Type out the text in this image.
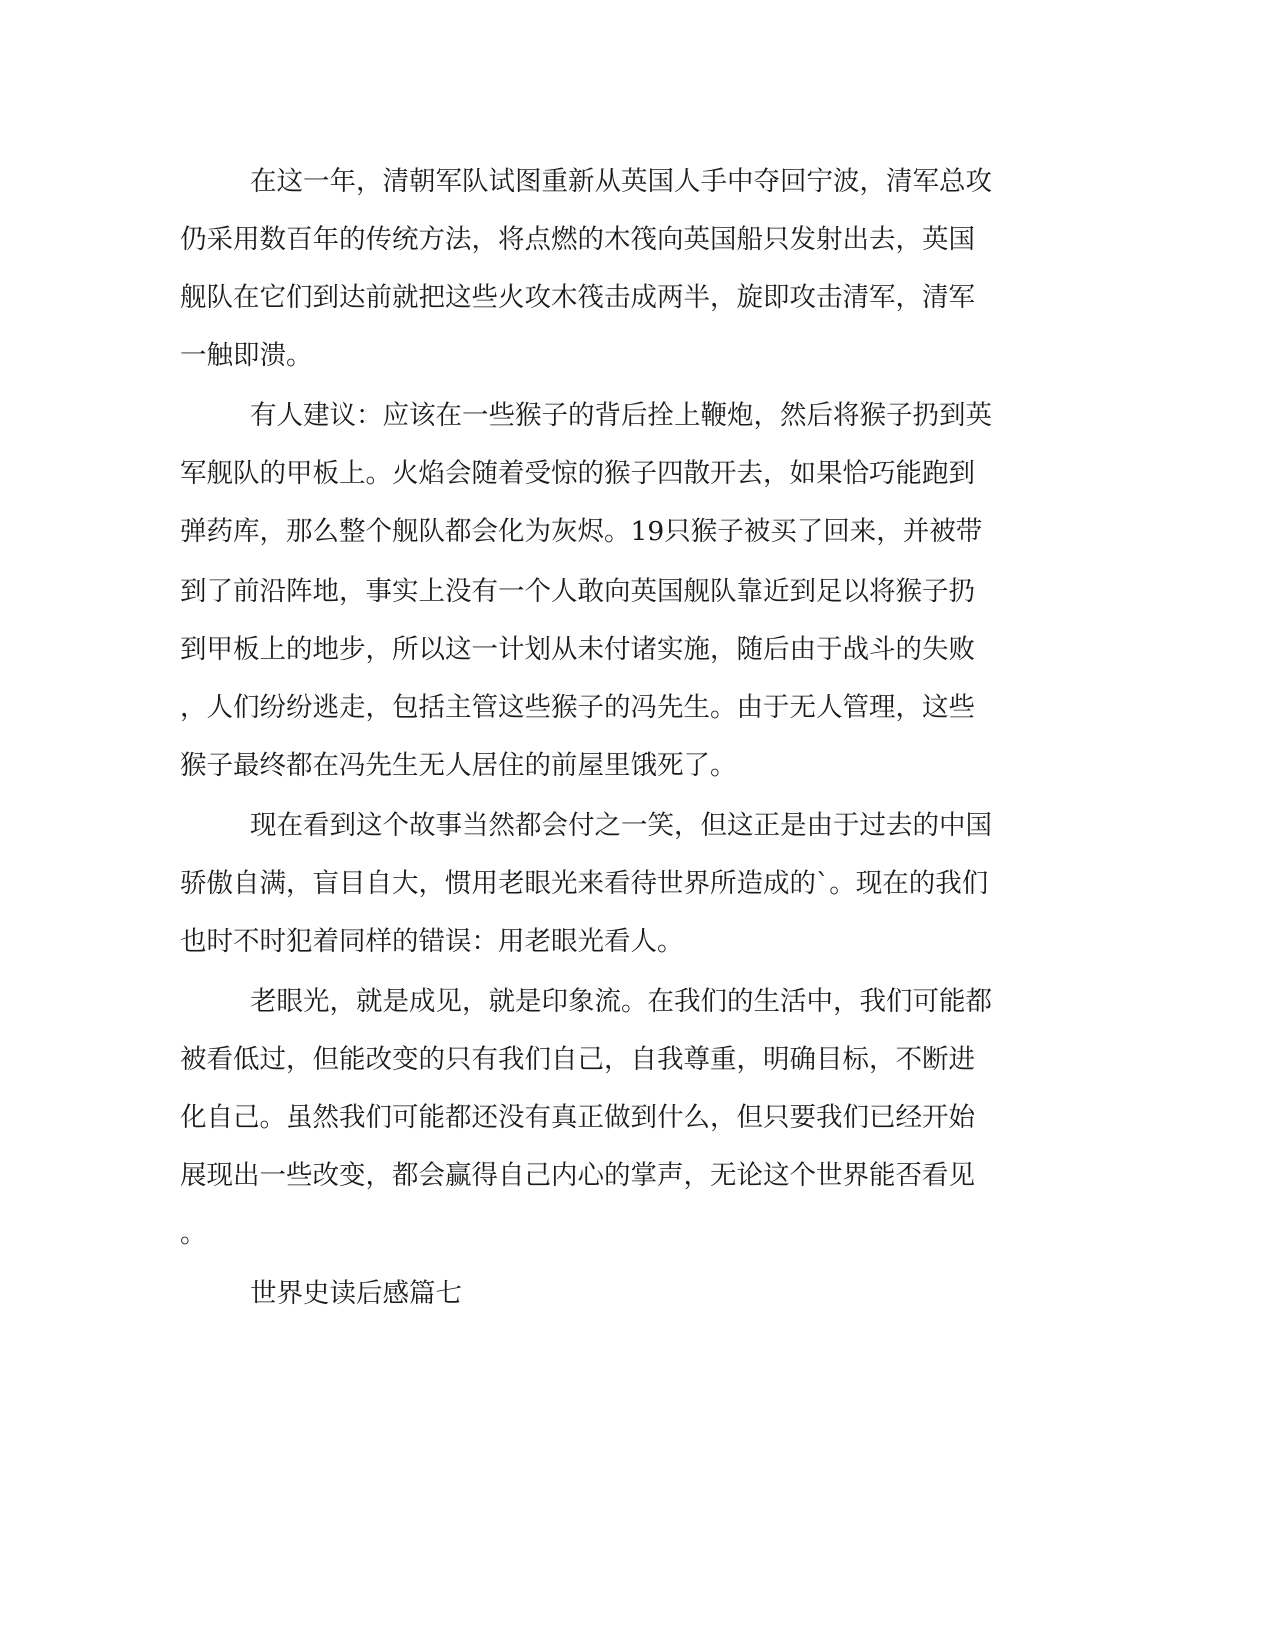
在这一年，清朝军队试图重新从英国人手中夺回宁波，清军总攻
仍采用数百年的传统方法，将点燃的木筏向英国船只发射出去，英国
舰队在它们到达前就把这些火攻木筏击成两半，旋即攻击清军，清军
一触即溃。
有人建议：应该在一些猴子的背后拴上鞭炮，然后将猴子扔到英
军舰队的甲板上。火焰会随着受惊的猴子四散开去，如果恰巧能跑到
弹药库，那么整个舰队都会化为灰烬。19只猴子被买了回来，并被带
到了前沿阵地，事实上没有一个人敢向英国舰队靠近到足以将猴子扔
到甲板上的地步，所以这一计划从未付诸实施，随后由于战斗的失败
，人们纷纷逃走，包括主管这些猴子的冯先生。由于无人管理，这些
猴子最终都在冯先生无人居住的前屋里饿死了。
现在看到这个故事当然都会付之一笑，但这正是由于过去的中国
骄傲自满，盲目自大，惯用老眼光来看待世界所造成的`。现在的我们
也时不时犯着同样的错误：用老眼光看人。
老眼光，就是成见，就是印象流。在我们的生活中，我们可能都
被看低过，但能改变的只有我们自己，自我尊重，明确目标，不断进
化自己。虽然我们可能都还没有真正做到什么，但只要我们已经开始
展现出一些改变，都会赢得自己内心的掌声，无论这个世界能否看见
。
世界史读后感篇七
